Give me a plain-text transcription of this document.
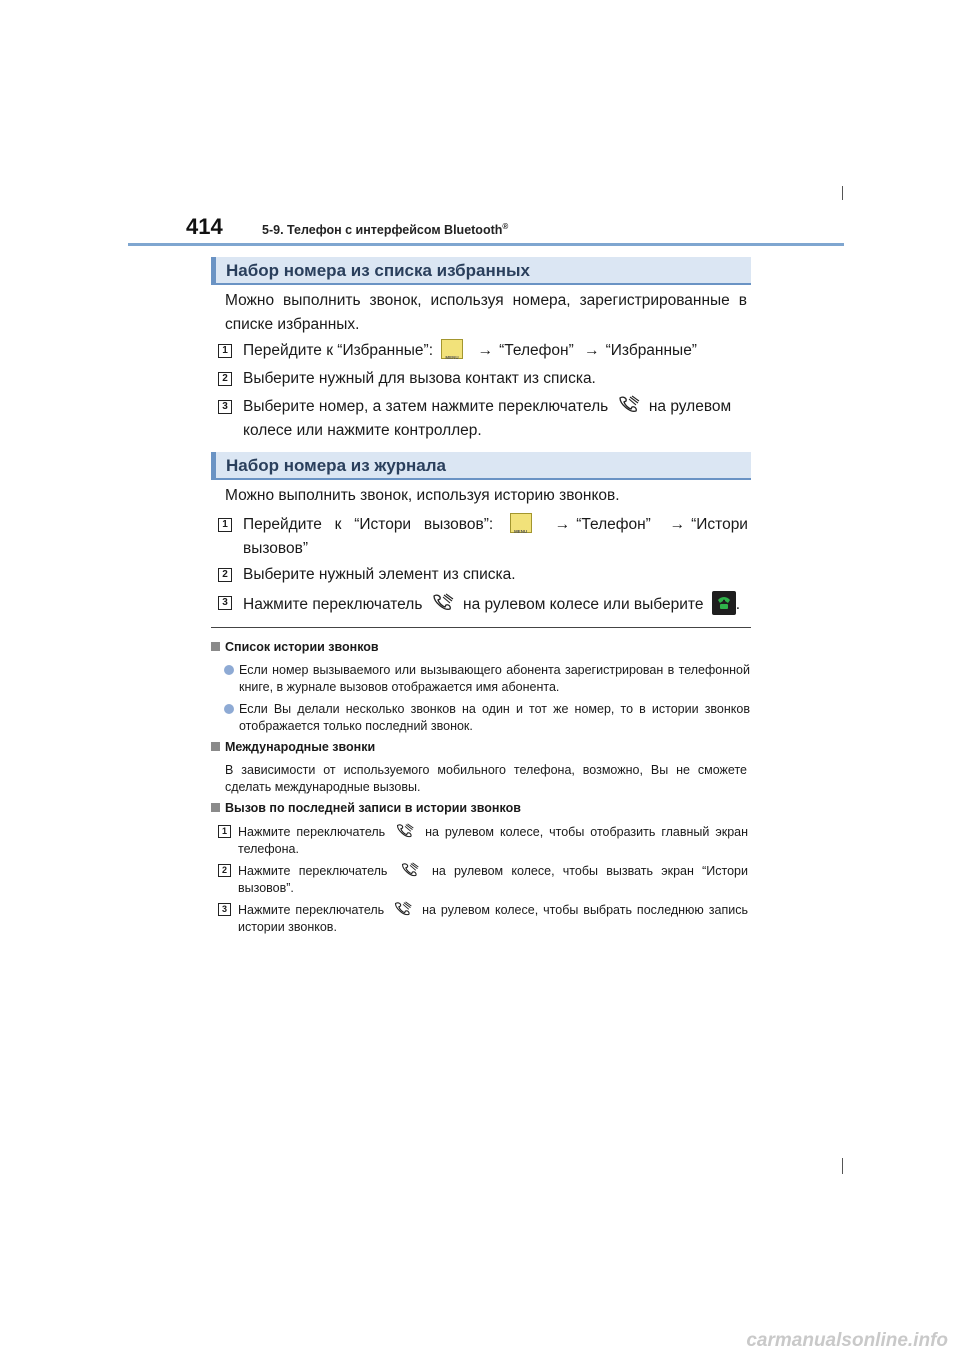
414	5-9. Телефон с интерфейсом Bluetooth®
Набор номера из списка избранных
Можно выполнить звонок, используя номера, зарегистрированные в списке избранных.
1 Перейдите к “Избранные”:	MENU → “Телефон” → “Избранные”
2 Выберите нужный для вызова контакт из списка.
3 Выберите номер, а затем нажмите переключатель	на рулевом колесе или нажмите контроллер.
Набор номера из журнала
Можно выполнить звонок, используя историю звонков.
1 Перейдите к “Истори вызовов”:	MENU → “Телефон” → “Истори вызовов”
2 Выберите нужный элемент из списка.
3 Нажмите переключатель	на рулевом колесе или выберите .
Список истории звонков
Если номер вызываемого или вызывающего абонента зарегистрирован в телефонной книге, в журнале вызовов отображается имя абонента.
Если Вы делали несколько звонков на один и тот же номер, то в истории звонков отображается только последний звонок.
Международные звонки
В зависимости от используемого мобильного телефона, возможно, Вы не сможете сделать международные вызовы.
Вызов по последней записи в истории звонков
1 Нажмите переключатель	на рулевом колесе, чтобы отобразить главный экран телефона.
2 Нажмите переключатель	на рулевом колесе, чтобы вызвать экран “Истори вызовов”.
3 Нажмите переключатель	на рулевом колесе, чтобы выбрать последнюю запись истории звонков.
carmanualsonline.info
